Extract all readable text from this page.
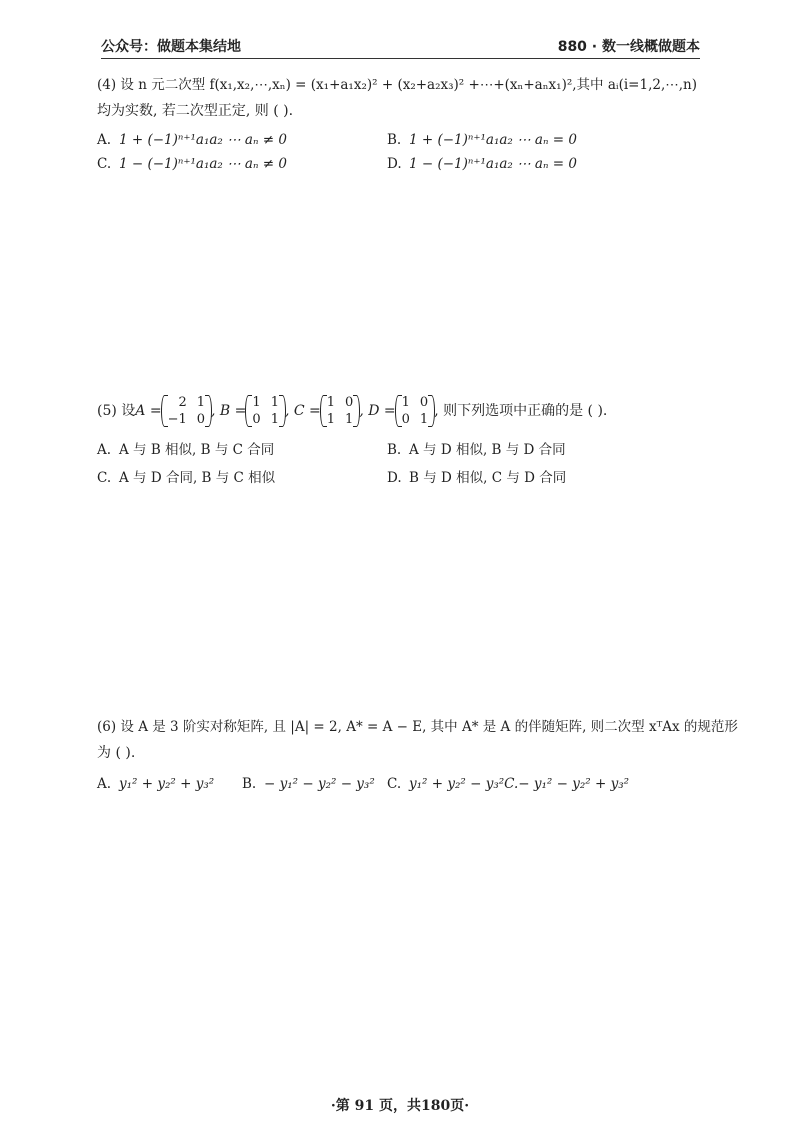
公众号：做题本集结地	880 · 数一线概做题本
(4) 设 n 元二次型 f(x₁,x₂,⋯,xₙ) = (x₁+a₁x₂)² + (x₂+a₂x₃)² +⋯+(xₙ+aₙx₁)²,其中 aᵢ(i=1,2,⋯,n)
均为实数, 若二次型正定, 则 ( ).
A. 1 + (−1)ⁿ⁺¹a₁a₂ ⋯ aₙ ≠ 0	B. 1 + (−1)ⁿ⁺¹a₁a₂ ⋯ aₙ = 0
C. 1 − (−1)ⁿ⁺¹a₁a₂ ⋯ aₙ ≠ 0	D. 1 − (−1)ⁿ⁺¹a₁a₂ ⋯ aₙ = 0
(5) 设 A =
2 1
−1 0
, B =
1 1
0 1
, C =
1 0
1 1
, D =
1 0
0 1
, 则下列选项中正确的是 ( ).
A. A 与 B 相似, B 与 C 合同	B. A 与 D 相似, B 与 D 合同
C. A 与 D 合同, B 与 C 相似	D. B 与 D 相似, C 与 D 合同
(6) 设 A 是 3 阶实对称矩阵, 且 |A| = 2, A* = A − E, 其中 A* 是 A 的伴随矩阵, 则二次型 xᵀAx 的规范形
为 ( ).
A. y₁² + y₂² + y₃²	B. − y₁² − y₂² − y₃² C. y₁² + y₂² − y₃²C.− y₁² − y₂² + y₃²
·第 91 页，共180页·
